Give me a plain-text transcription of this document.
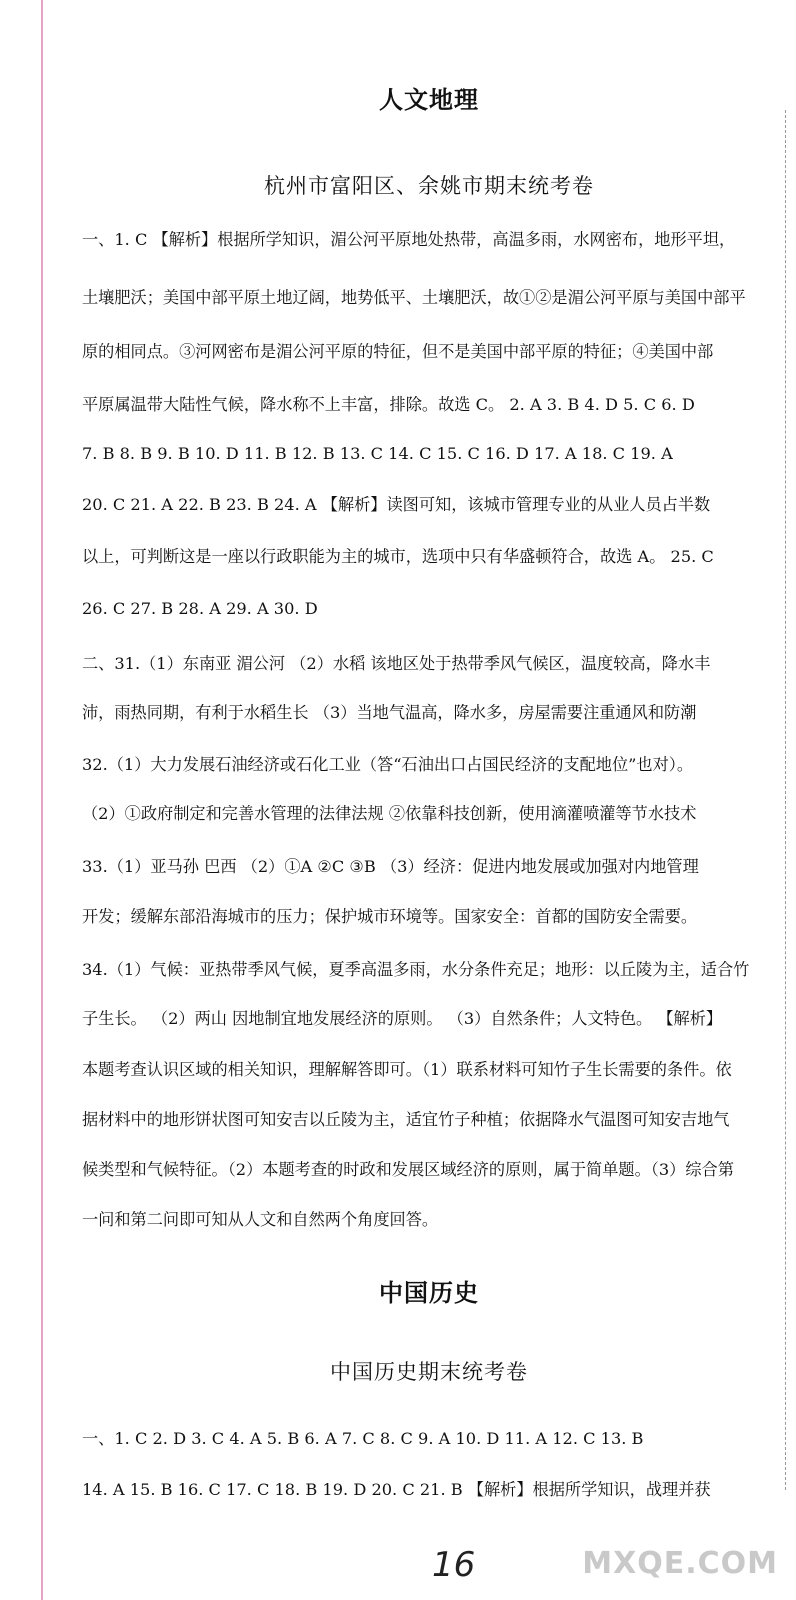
人文地理
杭州市富阳区、余姚市期末统考卷
一、1. C 【解析】根据所学知识，湄公河平原地处热带，高温多雨，水网密布，地形平坦，
土壤肥沃；美国中部平原土地辽阔，地势低平、土壤肥沃，故①②是湄公河平原与美国中部平
原的相同点。③河网密布是湄公河平原的特征，但不是美国中部平原的特征；④美国中部
平原属温带大陆性气候，降水称不上丰富，排除。故选 C。 2. A 3. B 4. D 5. C 6. D
7. B 8. B 9. B 10. D 11. B 12. B 13. C 14. C 15. C 16. D 17. A 18. C 19. A
20. C 21. A 22. B 23. B 24. A 【解析】读图可知，该城市管理专业的从业人员占半数
以上，可判断这是一座以行政职能为主的城市，选项中只有华盛顿符合，故选 A。 25. C
26. C 27. B 28. A 29. A 30. D
二、31.（1）东南亚 湄公河 （2）水稻 该地区处于热带季风气候区，温度较高，降水丰
沛，雨热同期，有利于水稻生长 （3）当地气温高，降水多，房屋需要注重通风和防潮
32.（1）大力发展石油经济或石化工业（答“石油出口占国民经济的支配地位”也对）。
（2）①政府制定和完善水管理的法律法规 ②依靠科技创新，使用滴灌喷灌等节水技术
33.（1）亚马孙 巴西 （2）①A ②C ③B （3）经济：促进内地发展或加强对内地管理
开发；缓解东部沿海城市的压力；保护城市环境等。国家安全：首都的国防安全需要。
34.（1）气候：亚热带季风气候，夏季高温多雨，水分条件充足；地形：以丘陵为主，适合竹
子生长。 （2）两山 因地制宜地发展经济的原则。 （3）自然条件；人文特色。 【解析】
本题考查认识区域的相关知识，理解解答即可。（1）联系材料可知竹子生长需要的条件。依
据材料中的地形饼状图可知安吉以丘陵为主，适宜竹子种植；依据降水气温图可知安吉地气
候类型和气候特征。（2）本题考查的时政和发展区域经济的原则，属于简单题。（3）综合第
一问和第二问即可知从人文和自然两个角度回答。
中国历史
中国历史期末统考卷
一、1. C 2. D 3. C 4. A 5. B 6. A 7. C 8. C 9. A 10. D 11. A 12. C 13. B
14. A 15. B 16. C 17. C 18. B 19. D 20. C 21. B 【解析】根据所学知识，战理并获
16	MXQE.COM
